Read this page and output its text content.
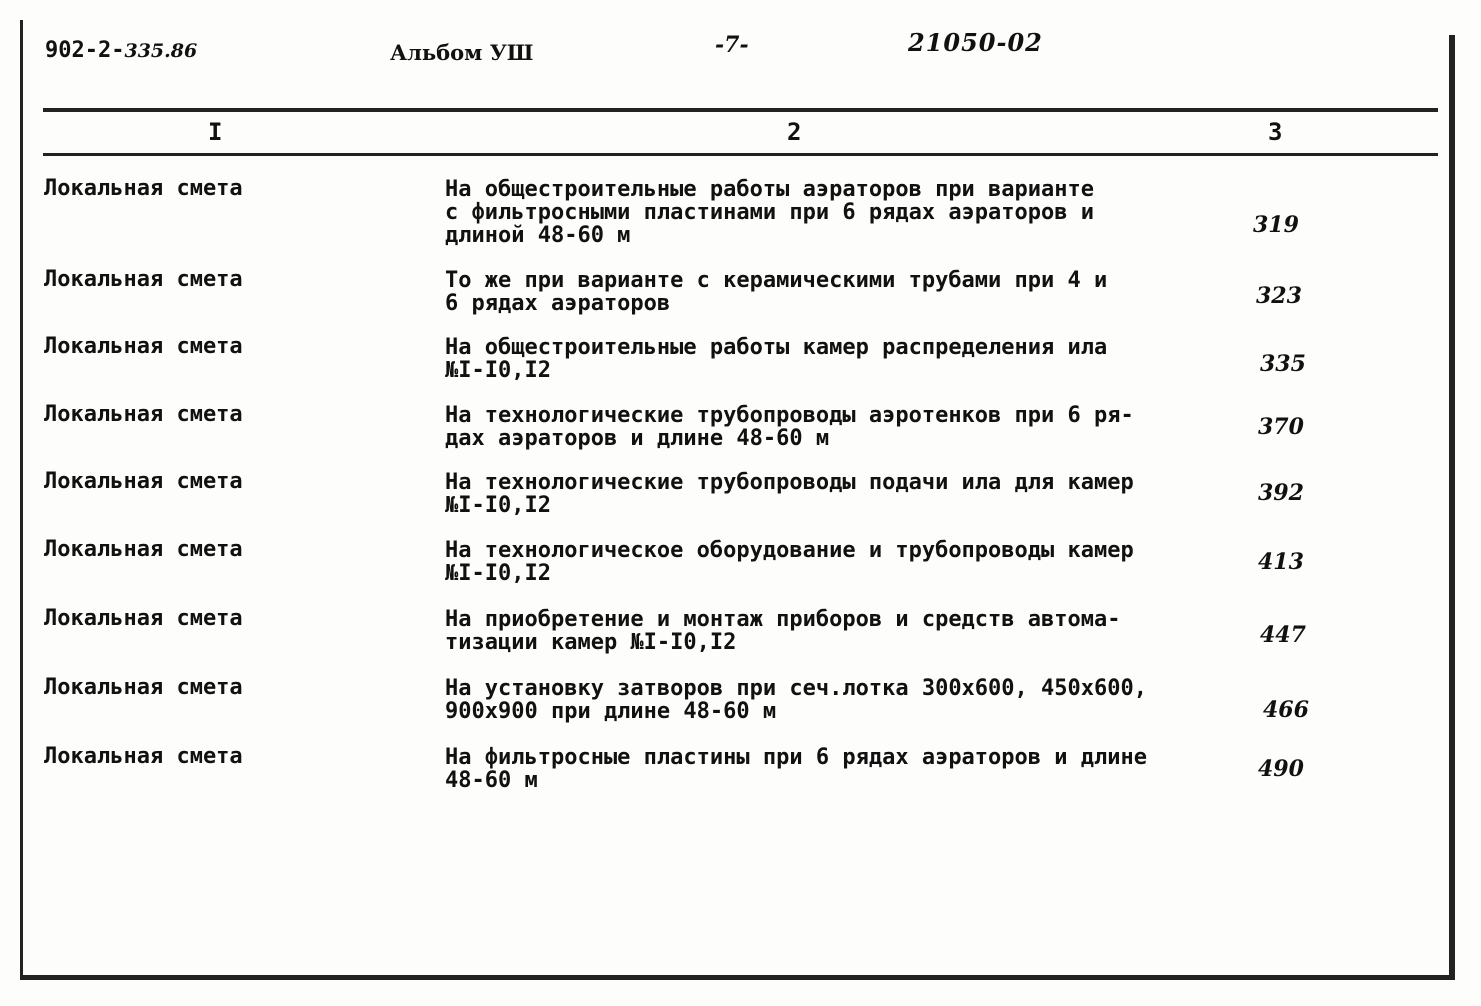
902-2-335.86	Альбом УШ	-7-	21050-02
I	2	3
Локальная смета	На общестроительные работы аэраторов при варианте
с фильтросными пластинами при 6 рядах аэраторов и
длиной 48-60 м	319
Локальная смета	То же при варианте с керамическими трубами при 4 и
6 рядах аэраторов	323
Локальная смета	На общестроительные работы камер распределения ила
№I-I0,I2	335
Локальная смета	На технологические трубопроводы аэротенков при 6 ря-
дах аэраторов и длине 48-60 м	370
Локальная смета	На технологические трубопроводы подачи ила для камер
№I-I0,I2	392
Локальная смета	На технологическое оборудование и трубопроводы камер
№I-I0,I2	413
Локальная смета	На приобретение и монтаж приборов и средств автома-
тизации камер №I-I0,I2	447
Локальная смета	На установку затворов при сеч.лотка 300х600, 450х600,
900х900 при длине 48-60 м	466
Локальная смета	На фильтросные пластины при 6 рядах аэраторов и длине
48-60 м	490
